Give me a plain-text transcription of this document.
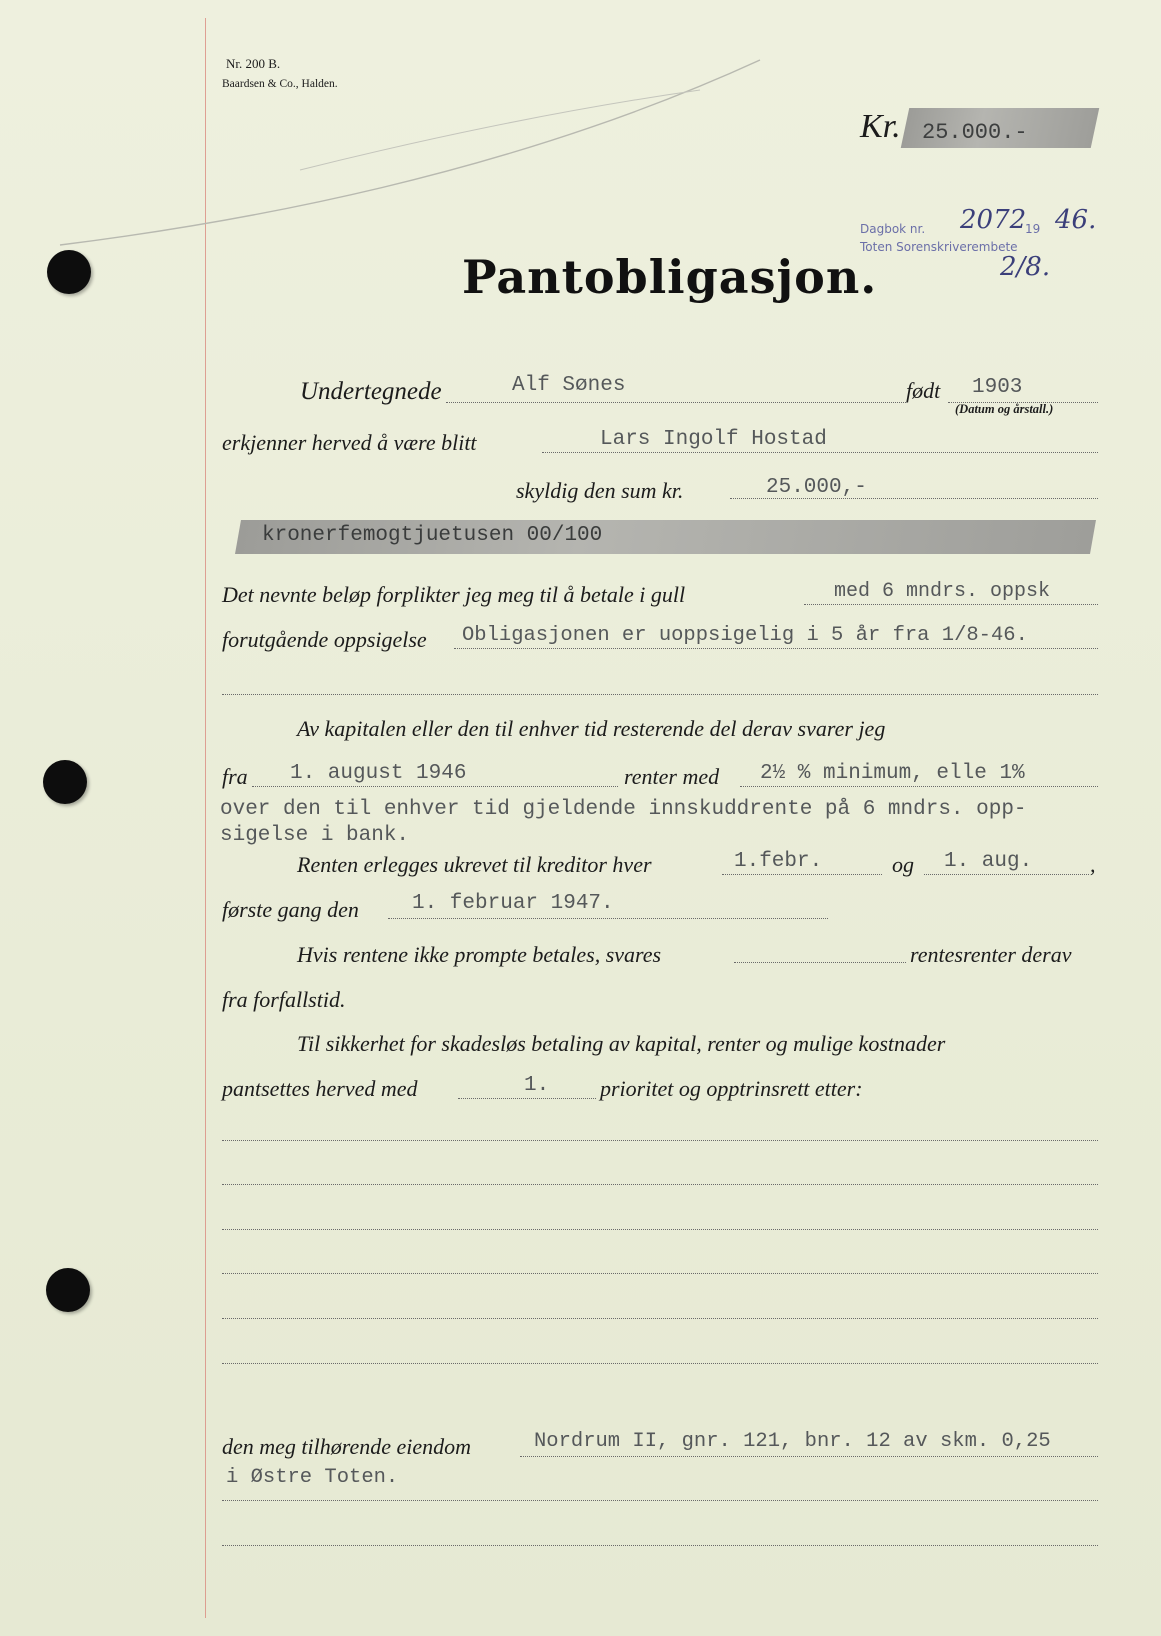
Nr. 200 B.
Baardsen & Co., Halden.
Kr. 25.000.-
Dagbok nr. 2072
19 46.
Toten Sorenskriverembete
2/8.
Pantobligasjon.
Undertegnede	Alf Sønes	født 1903
(Datum og årstall.)
erkjenner herved å være blitt	Lars Ingolf Hostad
skyldig den sum kr.	25.000,-
kronerfemogtjuetusen 00/100
Det nevnte beløp forplikter jeg meg til å betale i gull	med 6 mndrs. oppsk
forutgående oppsigelse Obligasjonen er uoppsigelig i 5 år fra 1/8-46.
Av kapitalen eller den til enhver tid resterende del derav svarer jeg
fra 1. august 1946	renter med 2½ % minimum, elle 1%
over den til enhver tid gjeldende innskuddrente på 6 mndrs. opp-
sigelse i bank.
Renten erlegges ukrevet til kreditor hver	1.febr.	og 1. aug.	,
første gang den	1. februar 1947.
Hvis rentene ikke prompte betales, svares	rentesrenter derav
fra forfallstid.
Til sikkerhet for skadesløs betaling av kapital, renter og mulige kostnader
pantsettes herved med	1. prioritet og opptrinsrett etter:
den meg tilhørende eiendom	Nordrum II, gnr. 121, bnr. 12 av skm. 0,25
i Østre Toten.
